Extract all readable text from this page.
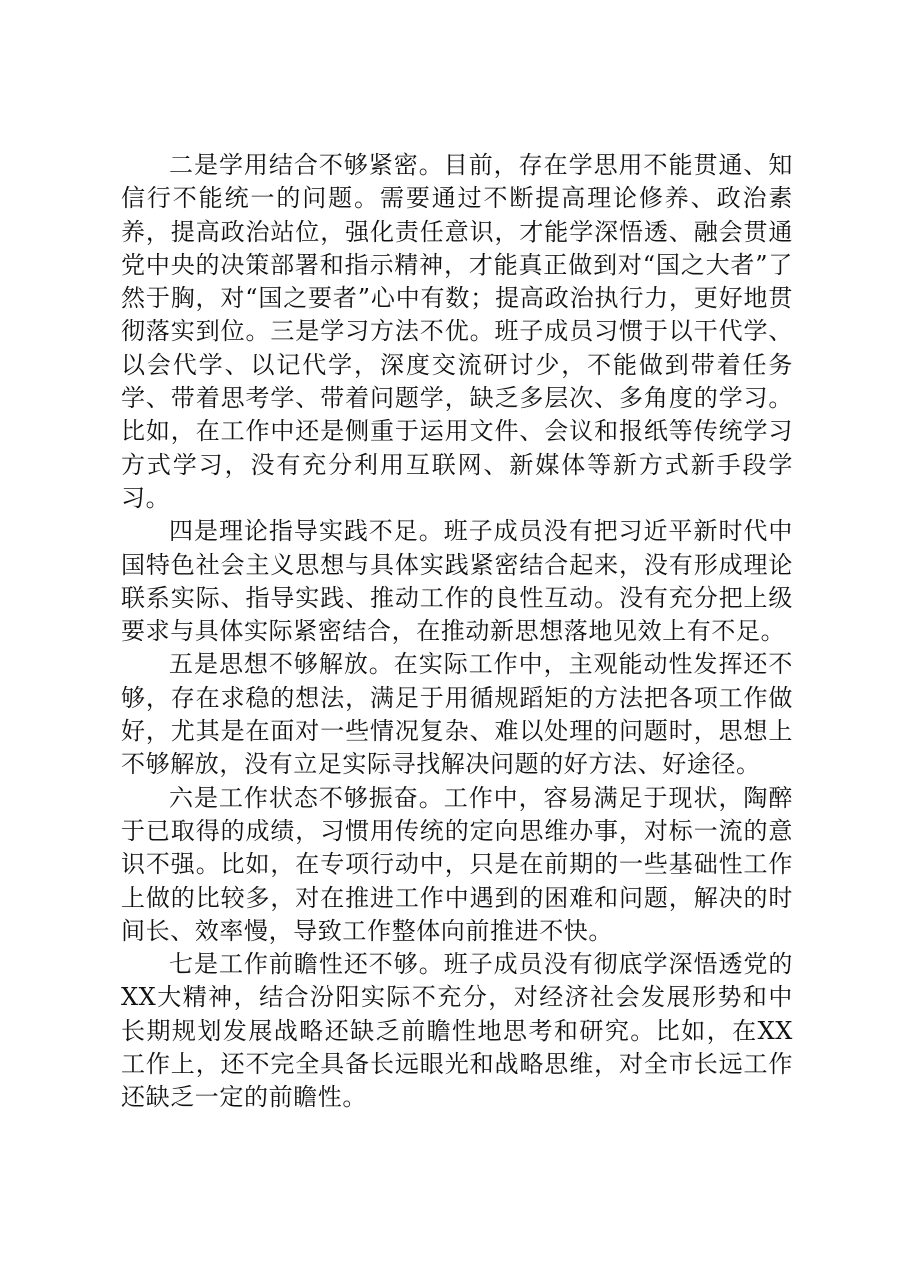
二是学用结合不够紧密。目前，存在学思用不能贯通、知信行不能统一的问题。需要通过不断提高理论修养、政治素养，提高政治站位，强化责任意识，才能学深悟透、融会贯通党中央的决策部署和指示精神，才能真正做到对“国之大者”了然于胸，对“国之要者”心中有数；提高政治执行力，更好地贯彻落实到位。三是学习方法不优。班子成员习惯于以干代学、以会代学、以记代学，深度交流研讨少，不能做到带着任务学、带着思考学、带着问题学，缺乏多层次、多角度的学习。比如，在工作中还是侧重于运用文件、会议和报纸等传统学习方式学习，没有充分利用互联网、新媒体等新方式新手段学习。

四是理论指导实践不足。班子成员没有把习近平新时代中国特色社会主义思想与具体实践紧密结合起来，没有形成理论联系实际、指导实践、推动工作的良性互动。没有充分把上级要求与具体实际紧密结合，在推动新思想落地见效上有不足。

五是思想不够解放。在实际工作中，主观能动性发挥还不够，存在求稳的想法，满足于用循规蹈矩的方法把各项工作做好，尤其是在面对一些情况复杂、难以处理的问题时，思想上不够解放，没有立足实际寻找解决问题的好方法、好途径。

六是工作状态不够振奋。工作中，容易满足于现状，陶醉于已取得的成绩，习惯用传统的定向思维办事，对标一流的意识不强。比如，在专项行动中，只是在前期的一些基础性工作上做的比较多，对在推进工作中遇到的困难和问题，解决的时间长、效率慢，导致工作整体向前推进不快。

七是工作前瞻性还不够。班子成员没有彻底学深悟透党的XX大精神，结合汾阳实际不充分，对经济社会发展形势和中长期规划发展战略还缺乏前瞻性地思考和研究。比如，在XX工作上，还不完全具备长远眼光和战略思维，对全市长远工作还缺乏一定的前瞻性。
